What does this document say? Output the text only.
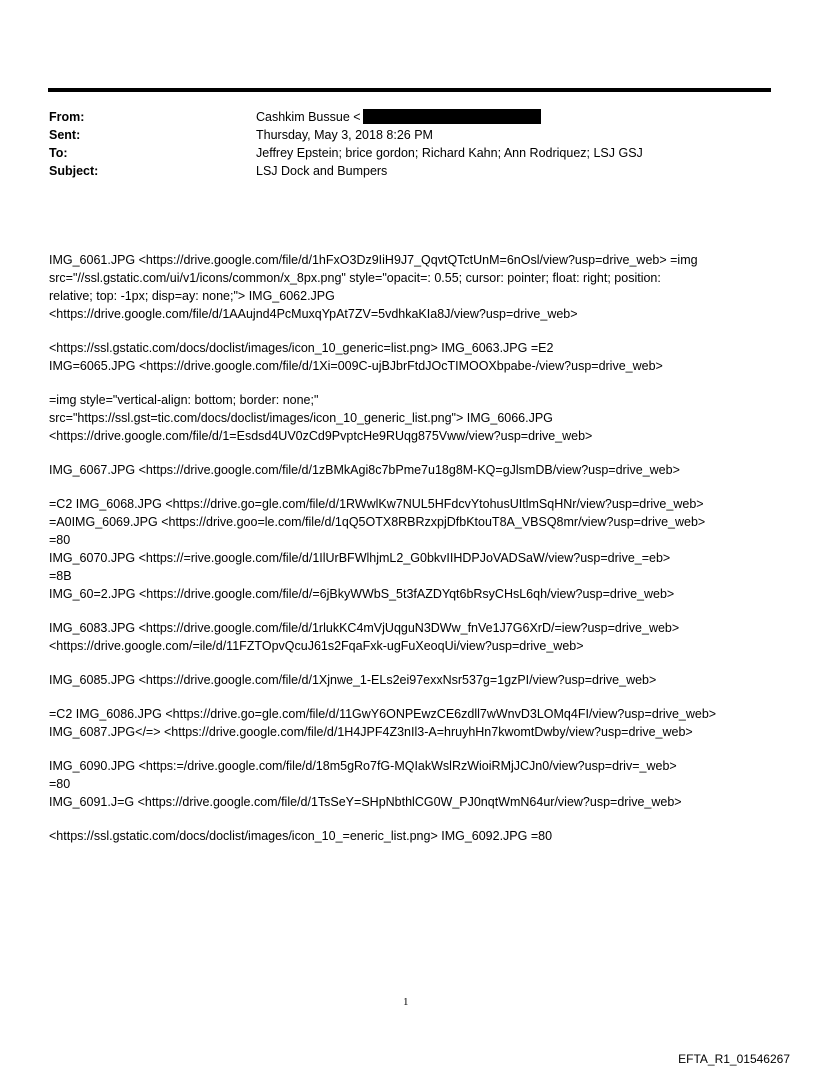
From:	Cashkim Bussue <
Sent:	Thursday, May 3, 2018 8:26 PM
To:	Jeffrey Epstein; brice gordon; Richard Kahn; Ann Rodriquez; LSJ GSJ
Subject:	LSJ Dock and Bumpers

IMG_6061.JPG <https://drive.google.com/file/d/1hFxO3Dz9IiH9J7_QqvtQTctUnM=6nOsl/view?usp=drive_web> =img
src="//ssl.gstatic.com/ui/v1/icons/common/x_8px.png" style="opacit=: 0.55; cursor: pointer; float: right; position:
relative; top: -1px; disp=ay: none;"> IMG_6062.JPG
<https://drive.google.com/file/d/1AAujnd4PcMuxqYpAt7ZV=5vdhkaKIa8J/view?usp=drive_web>

<https://ssl.gstatic.com/docs/doclist/images/icon_10_generic=list.png> IMG_6063.JPG =E2
IMG=6065.JPG <https://drive.google.com/file/d/1Xi=009C-ujBJbrFtdJOcTIMOOXbpabe-/view?usp=drive_web>

=img style="vertical-align: bottom; border: none;"
src="https://ssl.gst=tic.com/docs/doclist/images/icon_10_generic_list.png"> IMG_6066.JPG
<https://drive.google.com/file/d/1=Esdsd4UV0zCd9PvptcHe9RUqg875Vww/view?usp=drive_web>

IMG_6067.JPG <https://drive.google.com/file/d/1zBMkAgi8c7bPme7u18g8M-KQ=gJlsmDB/view?usp=drive_web>

=C2 IMG_6068.JPG <https://drive.go=gle.com/file/d/1RWwlKw7NUL5HFdcvYtohusUItlmSqHNr/view?usp=drive_web>
=A0IMG_6069.JPG <https://drive.goo=le.com/file/d/1qQ5OTX8RBRzxpjDfbKtouT8A_VBSQ8mr/view?usp=drive_web>
=80
IMG_6070.JPG <https://=rive.google.com/file/d/1IlUrBFWlhjmL2_G0bkvIIHDPJoVADSaW/view?usp=drive_=eb>
=8B
IMG_60=2.JPG <https://drive.google.com/file/d/=6jBkyWWbS_5t3fAZDYqt6bRsyCHsL6qh/view?usp=drive_web>

IMG_6083.JPG <https://drive.google.com/file/d/1rlukKC4mVjUqguN3DWw_fnVe1J7G6XrD/=iew?usp=drive_web>
<https://drive.google.com/=ile/d/11FZTOpvQcuJ61s2FqaFxk-ugFuXeoqUi/view?usp=drive_web>

IMG_6085.JPG <https://drive.google.com/file/d/1Xjnwe_1-ELs2ei97exxNsr537g=1gzPI/view?usp=drive_web>

=C2 IMG_6086.JPG <https://drive.go=gle.com/file/d/11GwY6ONPEwzCE6zdll7wWnvD3LOMq4FI/view?usp=drive_web>
IMG_6087.JPG</=> <https://drive.google.com/file/d/1H4JPF4Z3nIl3-A=hruyhHn7kwomtDwby/view?usp=drive_web>

IMG_6090.JPG <https:=/drive.google.com/file/d/18m5gRo7fG-MQIakWslRzWioiRMjJCJn0/view?usp=driv=_web>
=80
IMG_6091.J=G <https://drive.google.com/file/d/1TsSeY=SHpNbthlCG0W_PJ0nqtWmN64ur/view?usp=drive_web>

<https://ssl.gstatic.com/docs/doclist/images/icon_10_=eneric_list.png> IMG_6092.JPG =80

1
EFTA_R1_01546267
